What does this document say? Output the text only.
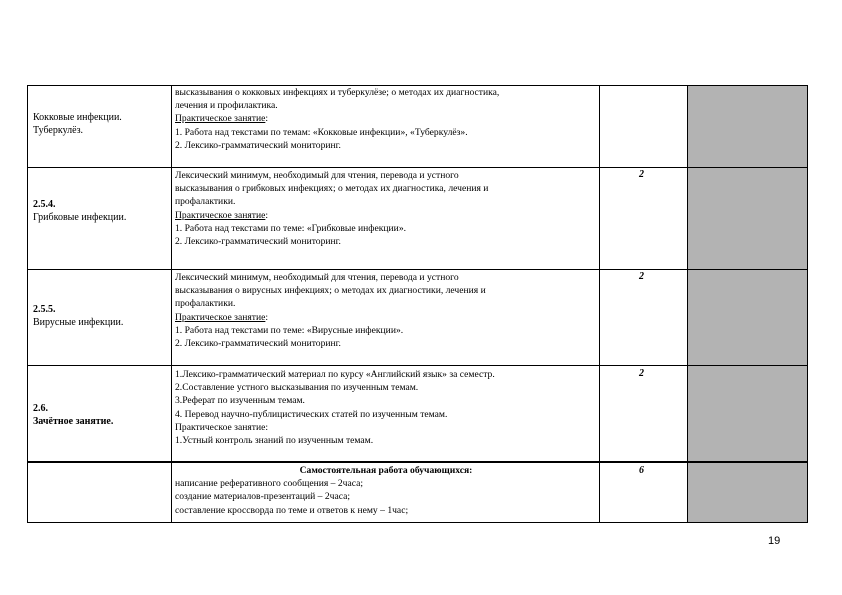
Кокковые инфекции.
Туберкулёз.
высказывания о кокковых инфекциях и туберкулёзе; о методах их диагностика,
лечения и профилактика.
Практическое занятие:
1. Работа над текстами по темам: «Кокковые инфекции», «Туберкулёз».
2. Лексико-грамматический мониторинг.
2.5.4.
Грибковые инфекции.
Лексический минимум, необходимый для чтения, перевода и устного
высказывания о грибковых инфекциях; о методах их диагностика, лечения и
профалактики.
Практическое занятие:
1. Работа над текстами по теме: «Грибковые инфекции».
2. Лексико-грамматический мониторинг.
2
2.5.5.
Вирусные инфекции.
Лексический минимум, необходимый для чтения, перевода и устного
высказывания о вирусных инфекциях; о методах их диагностики, лечения и
профалактики.
Практическое занятие:
1. Работа над текстами по теме: «Вирусные инфекции».
2. Лексико-грамматический мониторинг.
2
2.6.
Зачётное занятие.
1.Лексико-грамматический материал по курсу «Английский язык» за семестр.
2.Составление устного высказывания по изученным темам.
3.Реферат по изученным темам.
4. Перевод научно-публицистических статей по изученным темам.
Практическое занятие:
1.Устный контроль знаний по изученным темам.
2
Самостоятельная работа обучающихся:
написание реферативного сообщения – 2часа;
создание материалов-презентаций – 2часа;
составление кроссворда по теме и ответов к нему – 1час;
6
19
